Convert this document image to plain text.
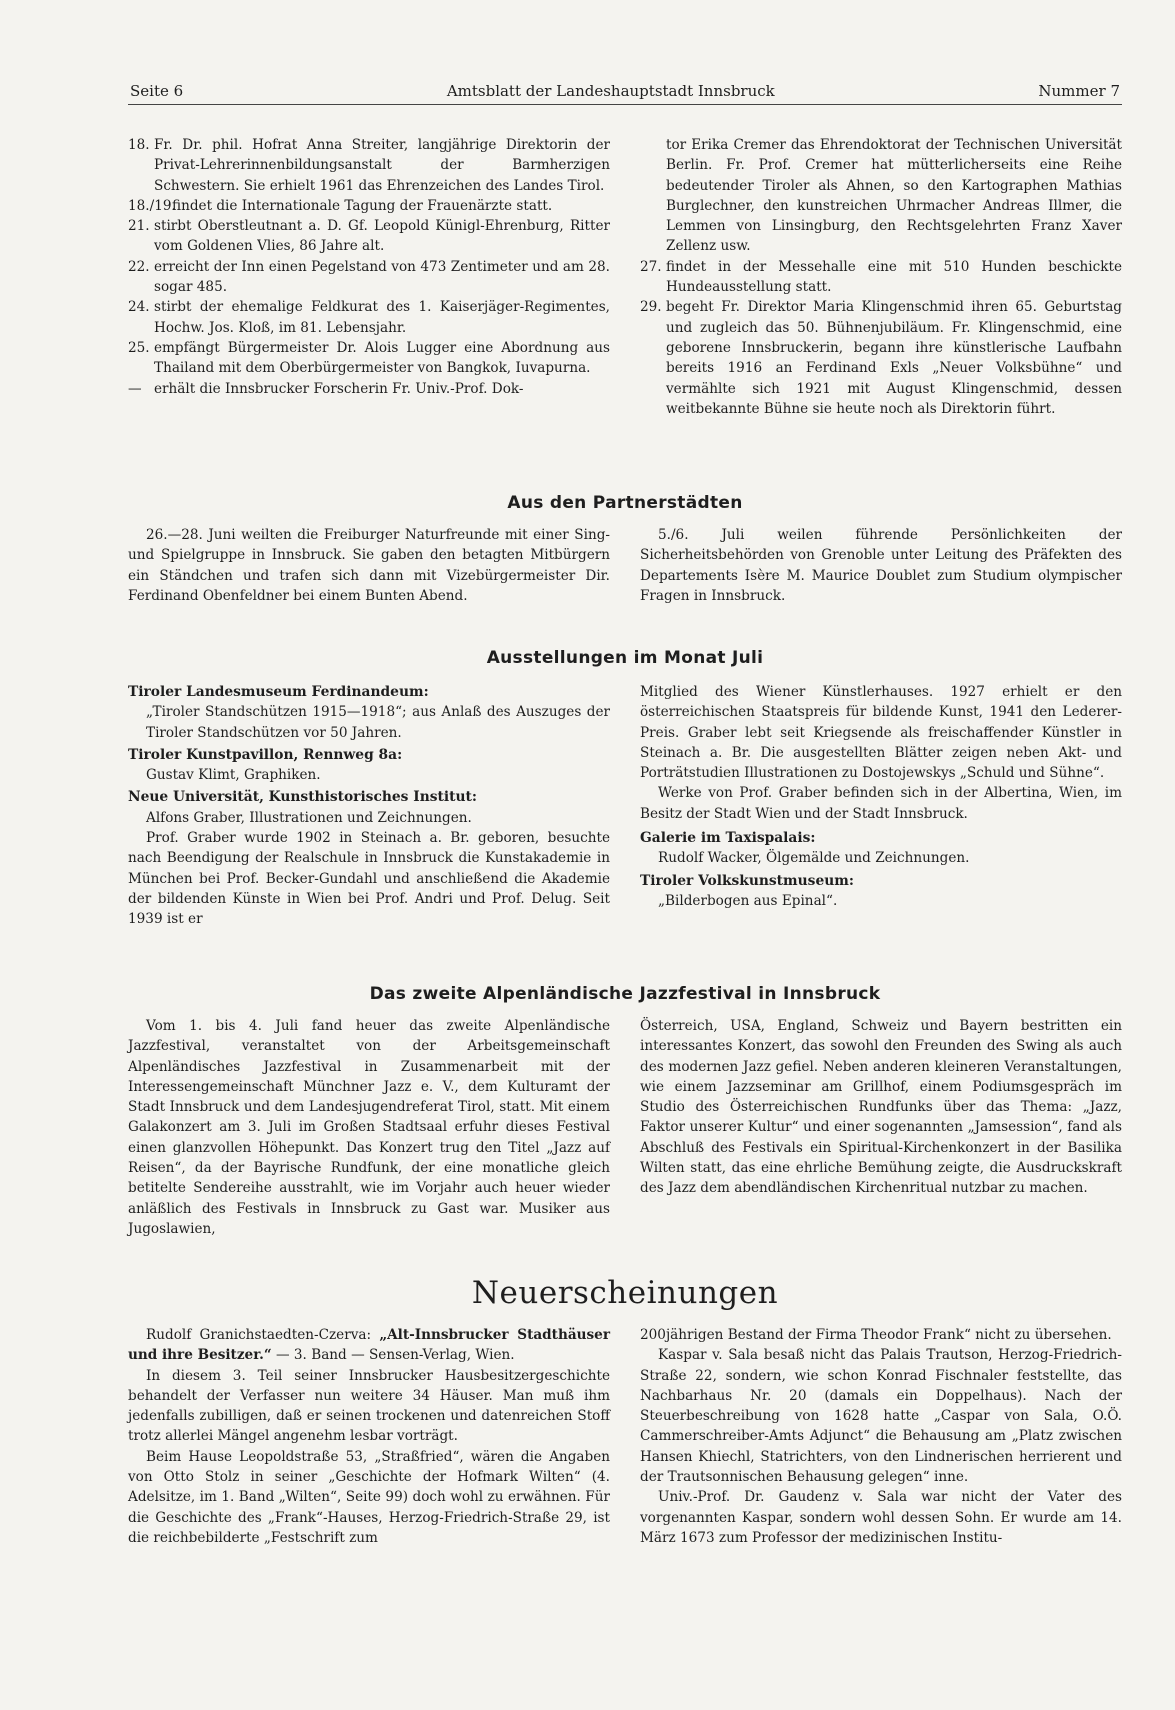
Seite 6	Amtsblatt der Landeshauptstadt Innsbruck	Nummer 7

18. Fr. Dr. phil. Hofrat Anna Streiter, langjährige Direktorin der Privat-Lehrerinnenbildungsanstalt der Barmherzigen Schwestern. Sie erhielt 1961 das Ehrenzeichen des Landes Tirol.

18./19.findet die Internationale Tagung der Frauenärzte statt.

21. stirbt Oberstleutnant a. D. Gf. Leopold Künigl-Ehrenburg, Ritter vom Goldenen Vlies, 86 Jahre alt.

22. erreicht der Inn einen Pegelstand von 473 Zentimeter und am 28. sogar 485.

24. stirbt der ehemalige Feldkurat des 1. Kaiserjäger-Regimentes, Hochw. Jos. Kloß, im 81. Lebensjahr.

25. empfängt Bürgermeister Dr. Alois Lugger eine Abordnung aus Thailand mit dem Oberbürgermeister von Bangkok, Iuvapurna.

— erhält die Innsbrucker Forscherin Fr. Univ.-Prof. Dok-

tor Erika Cremer das Ehrendoktorat der Technischen Universität Berlin. Fr. Prof. Cremer hat mütterlicherseits eine Reihe bedeutender Tiroler als Ahnen, so den Kartographen Mathias Burglechner, den kunstreichen Uhrmacher Andreas Illmer, die Lemmen von Linsingburg, den Rechtsgelehrten Franz Xaver Zellenz usw.

27. findet in der Messehalle eine mit 510 Hunden beschickte Hundeausstellung statt.

29. begeht Fr. Direktor Maria Klingenschmid ihren 65. Geburtstag und zugleich das 50. Bühnenjubiläum. Fr. Klingenschmid, eine geborene Innsbruckerin, begann ihre künstlerische Laufbahn bereits 1916 an Ferdinand Exls „Neuer Volksbühne“ und vermählte sich 1921 mit August Klingenschmid, dessen weitbekannte Bühne sie heute noch als Direktorin führt.

Aus den Partnerstädten

26.—28. Juni weilten die Freiburger Naturfreunde mit einer Sing- und Spielgruppe in Innsbruck. Sie gaben den betagten Mitbürgern ein Ständchen und trafen sich dann mit Vizebürgermeister Dir. Ferdinand Obenfeldner bei einem Bunten Abend.

5./6. Juli weilen führende Persönlichkeiten der Sicherheitsbehörden von Grenoble unter Leitung des Präfekten des Departements Isère M. Maurice Doublet zum Studium olympischer Fragen in Innsbruck.

Ausstellungen im Monat Juli

Tiroler Landesmuseum Ferdinandeum:

„Tiroler Standschützen 1915—1918“; aus Anlaß des Auszuges der Tiroler Standschützen vor 50 Jahren.

Tiroler Kunstpavillon, Rennweg 8a:

Gustav Klimt, Graphiken.

Neue Universität, Kunsthistorisches Institut:

Alfons Graber, Illustrationen und Zeichnungen.

Prof. Graber wurde 1902 in Steinach a. Br. geboren, besuchte nach Beendigung der Realschule in Innsbruck die Kunstakademie in München bei Prof. Becker-Gundahl und anschließend die Akademie der bildenden Künste in Wien bei Prof. Andri und Prof. Delug. Seit 1939 ist er

Mitglied des Wiener Künstlerhauses. 1927 erhielt er den österreichischen Staatspreis für bildende Kunst, 1941 den Lederer-Preis. Graber lebt seit Kriegsende als freischaffender Künstler in Steinach a. Br. Die ausgestellten Blätter zeigen neben Akt- und Porträtstudien Illustrationen zu Dostojewskys „Schuld und Sühne“.

Werke von Prof. Graber befinden sich in der Albertina, Wien, im Besitz der Stadt Wien und der Stadt Innsbruck.

Galerie im Taxispalais:

Rudolf Wacker, Ölgemälde und Zeichnungen.

Tiroler Volkskunstmuseum:

„Bilderbogen aus Epinal“.

Das zweite Alpenländische Jazzfestival in Innsbruck

Vom 1. bis 4. Juli fand heuer das zweite Alpenländische Jazzfestival, veranstaltet von der Arbeitsgemeinschaft Alpenländisches Jazzfestival in Zusammenarbeit mit der Interessengemeinschaft Münchner Jazz e. V., dem Kulturamt der Stadt Innsbruck und dem Landesjugendreferat Tirol, statt. Mit einem Galakonzert am 3. Juli im Großen Stadtsaal erfuhr dieses Festival einen glanzvollen Höhepunkt. Das Konzert trug den Titel „Jazz auf Reisen“, da der Bayrische Rundfunk, der eine monatliche gleich betitelte Sendereihe ausstrahlt, wie im Vorjahr auch heuer wieder anläßlich des Festivals in Innsbruck zu Gast war. Musiker aus Jugoslawien,

Österreich, USA, England, Schweiz und Bayern bestritten ein interessantes Konzert, das sowohl den Freunden des Swing als auch des modernen Jazz gefiel. Neben anderen kleineren Veranstaltungen, wie einem Jazzseminar am Grillhof, einem Podiumsgespräch im Studio des Österreichischen Rundfunks über das Thema: „Jazz, Faktor unserer Kultur“ und einer sogenannten „Jamsession“, fand als Abschluß des Festivals ein Spiritual-Kirchenkonzert in der Basilika Wilten statt, das eine ehrliche Bemühung zeigte, die Ausdruckskraft des Jazz dem abendländischen Kirchenritual nutzbar zu machen.

Neuerscheinungen

Rudolf Granichstaedten-Czerva: „Alt-Innsbrucker Stadthäuser und ihre Besitzer.“ — 3. Band — Sensen-Verlag, Wien.

In diesem 3. Teil seiner Innsbrucker Hausbesitzergeschichte behandelt der Verfasser nun weitere 34 Häuser. Man muß ihm jedenfalls zubilligen, daß er seinen trockenen und datenreichen Stoff trotz allerlei Mängel angenehm lesbar vorträgt.

Beim Hause Leopoldstraße 53, „Straßfried“, wären die Angaben von Otto Stolz in seiner „Geschichte der Hofmark Wilten“ (4. Adelsitze, im 1. Band „Wilten“, Seite 99) doch wohl zu erwähnen. Für die Geschichte des „Frank“-Hauses, Herzog-Friedrich-Straße 29, ist die reichbebilderte „Festschrift zum

200jährigen Bestand der Firma Theodor Frank“ nicht zu übersehen.

Kaspar v. Sala besaß nicht das Palais Trautson, Herzog-Friedrich-Straße 22, sondern, wie schon Konrad Fischnaler feststellte, das Nachbarhaus Nr. 20 (damals ein Doppelhaus). Nach der Steuerbeschreibung von 1628 hatte „Caspar von Sala, O.Ö. Cammerschreiber-Amts Adjunct“ die Behausung am „Platz zwischen Hansen Khiechl, Statrichters, von den Lindnerischen herrierent und der Trautsonnischen Behausung gelegen“ inne.

Univ.-Prof. Dr. Gaudenz v. Sala war nicht der Vater des vorgenannten Kaspar, sondern wohl dessen Sohn. Er wurde am 14. März 1673 zum Professor der medizinischen Institu-
